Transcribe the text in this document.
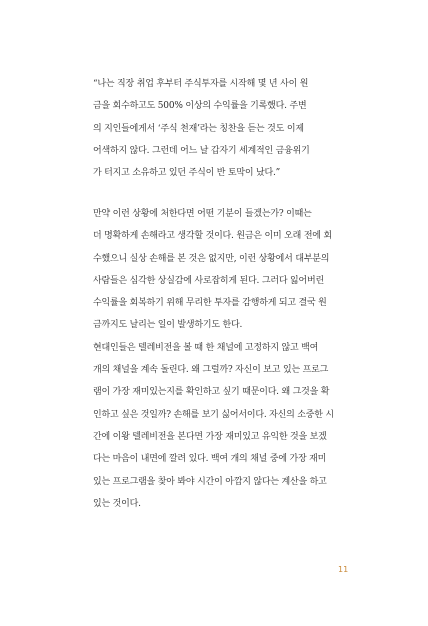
“나는 직장 취업 후부터 주식투자를 시작해 몇 년 사이 원
금을 회수하고도 500% 이상의 수익률을 기록했다. 주변
의 지인들에게서 ‘주식 천재’라는 칭찬을 듣는 것도 이제
어색하지 않다. 그런데 어느 날 갑자기 세계적인 금융위기
가 터지고 소유하고 있던 주식이 반 토막이 났다.”
만약 이런 상황에 처한다면 어떤 기분이 들겠는가? 이때는
더 명확하게 손해라고 생각할 것이다. 원금은 이미 오래 전에 회
수했으니 실상 손해를 본 것은 없지만, 이런 상황에서 대부분의
사람들은 심각한 상실감에 사로잡히게 된다. 그러다 잃어버린
수익률을 회복하기 위해 무리한 투자를 감행하게 되고 결국 원
금까지도 날리는 일이 발생하기도 한다.
현대인들은 텔레비전을 볼 때 한 채널에 고정하지 않고 백여
개의 채널을 계속 돌린다. 왜 그럴까? 자신이 보고 있는 프로그
램이 가장 재미있는지를 확인하고 싶기 때문이다. 왜 그것을 확
인하고 싶은 것일까? 손해를 보기 싫어서이다. 자신의 소중한 시
간에 이왕 텔레비전을 본다면 가장 재미있고 유익한 것을 보겠
다는 마음이 내면에 깔려 있다. 백여 개의 채널 중에 가장 재미
있는 프로그램을 찾아 봐야 시간이 아깝지 않다는 계산을 하고
있는 것이다.
11
